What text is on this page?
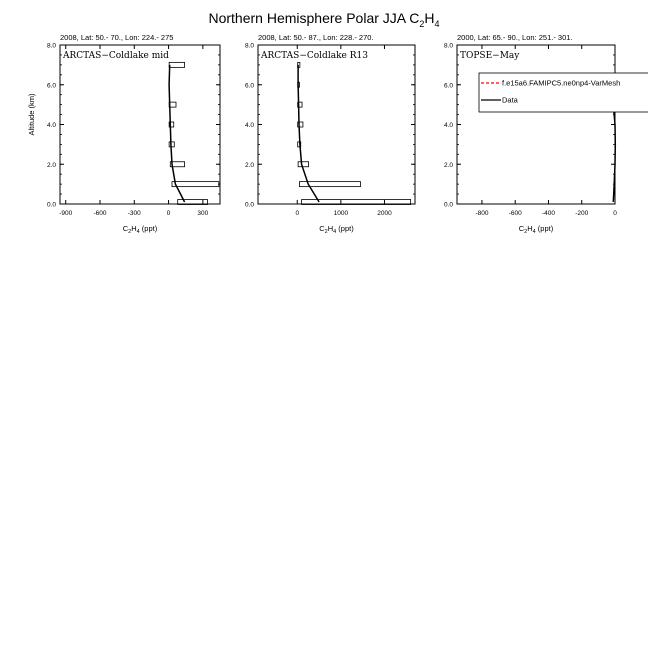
Northern Hemisphere Polar JJA $C_2H_4$
0.0
2.0
4.0
6.0
8.0
-900	-600	-300	0	300
2008, Lat: 50.- 70., Lon: 224.- 275
ARCTAS−Coldlake mid
$C_2H_4$ (ppt)
Altitude (km)
0.0
2.0
4.0
6.0
8.0
0	1000	2000
2008, Lat: 50.- 87., Lon: 228.- 270.
ARCTAS−Coldlake R13
$C_2H_4$ (ppt)
0.0
2.0
4.0
6.0
8.0
-800	-600	-400	-200	0
2000, Lat: 65.- 90., Lon: 251.- 301.
TOPSE−May
$C_2H_4$ (ppt)
f.e15a6.FAMIPC5.ne0np4-VarMesh
Data
